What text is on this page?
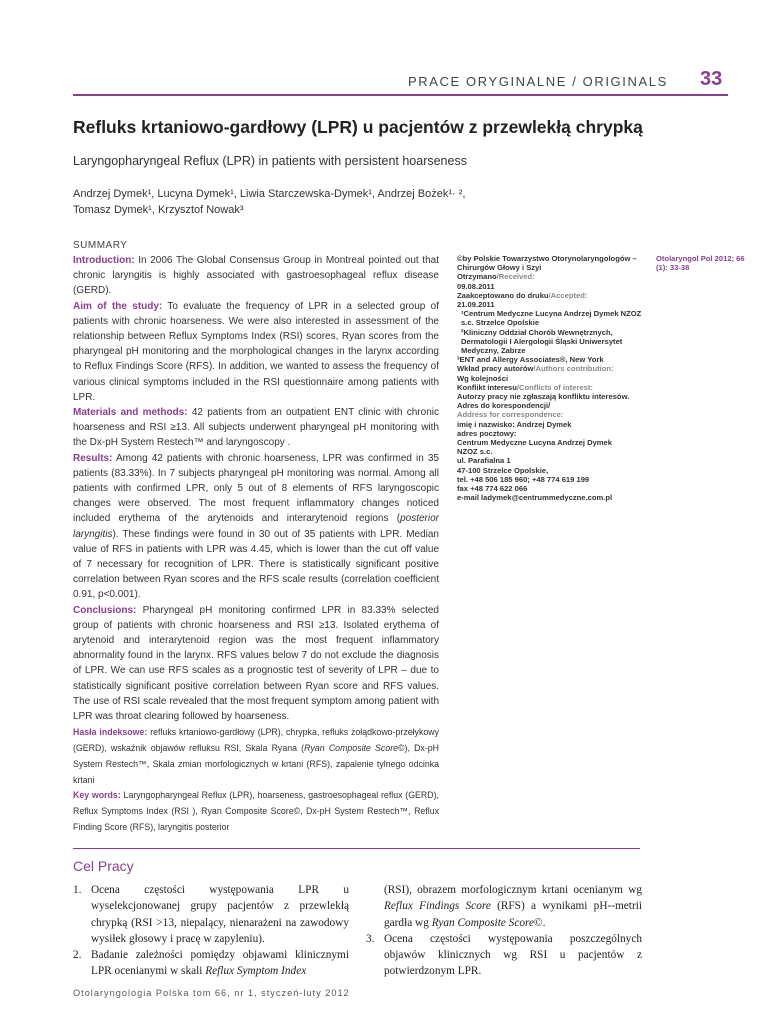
PRACE ORYGINALNE / ORIGINALS 33
Refluks krtaniowo-gardłowy (LPR) u pacjentów z przewlekłą chrypką
Laryngopharyngeal Reflux (LPR) in patients with persistent hoarseness
Andrzej Dymek¹, Lucyna Dymek¹, Liwia Starczewska-Dymek¹, Andrzej Bożek¹· ²,
Tomasz Dymek¹, Krzysztof Nowak³
SUMMARY

Introduction: In 2006 The Global Consensus Group in Montreal pointed out that chronic laryngitis is highly associated with gastroesophageal reflux disease (GERD).

Aim of the study: To evaluate the frequency of LPR in a selected group of patients with chronic hoarseness. We were also interested in assessment of the relationship between Reflux Symptoms Index (RSI) scores, Ryan scores from the pharyngeal pH monitoring and the morphological changes in the larynx according to Reflux Findings Score (RFS). In addition, we wanted to assess the frequency of various clinical symptoms included in the RSI questionnaire among patients with LPR.

Materials and methods: 42 patients from an outpatient ENT clinic with chronic hoarseness and RSI ≥13. All subjects underwent pharyngeal pH monitoring with the Dx-pH System Restech™ and laryngoscopy .

Results: Among 42 patients with chronic hoarseness, LPR was confirmed in 35 patients (83.33%). In 7 subjects pharyngeal pH monitoring was normal. Among all patients with confirmed LPR, only 5 out of 8 elements of RFS laryngoscopic changes were observed. The most frequent inflammatory changes noticed included erythema of the arytenoids and interarytenoid regions (posterior laryngitis). These findings were found in 30 out of 35 patients with LPR. Median value of RFS in patients with LPR was 4.45, which is lower than the cut off value of 7 necessary for recognition of LPR. There is statistically significant positive correlation between Ryan scores and the RFS scale results (correlation coefficient 0.91, p<0.001).

Conclusions: Pharyngeal pH monitoring confirmed LPR in 83.33% selected group of patients with chronic hoarseness and RSI ≥13. Isolated erythema of arytenoid and interarytenoid region was the most frequent inflammatory abnormality found in the larynx. RFS values below 7 do not exclude the diagnosis of LPR. We can use RFS scales as a prognostic test of severity of LPR – due to statistically significant positive correlation between Ryan score and RFS values. The use of RSI scale revealed that the most frequent symptom among patient with LPR was throat clearing followed by hoarseness.

Hasła indeksowe: refluks krtaniowo-gardłowy (LPR), chrypka, refluks żołądkowo-przełykowy (GERD), wskaźnik objawów refluksu RSI, Skala Ryana (Ryan Composite Score©), Dx-pH System Restech™, Skala zmian morfologicznych w krtani (RFS), zapalenie tylnego odcinka krtani

Key words: Laryngopharyngeal Reflux (LPR), hoarseness, gastroesophageal reflux (GERD), Reflux Symptoms Index (RSI ), Ryan Composite Score©, Dx-pH System Restech™, Reflux Finding Score (RFS), laryngitis posterior

©by Polskie Towarzystwo Otorynolaryngologów – Chirurgów Głowy i Szyi
Otrzymano/Received:
09.08.2011
Zaakceptowano do druku/Accepted:
21.09.2011
¹Centrum Medyczne Lucyna Andrzej Dymek NZOZ s.c. Strzelce Opolskie
²Kliniczny Oddział Chorób Wewnętrznych, Dermatologii I Alergologii Śląski Uniwersytet Medyczny, Zabrze
³ENT and Allergy Associates®, New York
Wkład pracy autorów/Authors contribution:
Wg kolejności
Konflikt interesu/Conflicts of interest:
Autorzy pracy nie zgłaszają konfliktu interesów.
Adres do korespondencji/
Address for correspondence:
imię i nazwisko: Andrzej Dymek
adres pocztowy:
Centrum Medyczne Lucyna Andrzej Dymek
NZOZ s.c.
ul. Parafialna 1
47-100 Strzelce Opolskie,
tel. +48 506 185 960; +48 774 619 199
fax +48 774 622 066
e-mail ladymek@centrummedyczne.com.pl
Otolaryngol Pol 2012; 66 (1): 33-38
Cel Pracy
1. Ocena częstości występowania LPR u wyselekcjonowanej grupy pacjentów z przewlekłą chrypką (RSI >13, niepalący, nienarażeni na zawodowy wysiłek głosowy i pracę w zapyleniu).
2. Badanie zależności pomiędzy objawami klinicznymi LPR ocenianymi w skali Reflux Symptom Index
(RSI), obrazem morfologicznym krtani ocenianym wg Reflux Findings Score (RFS) a wynikami pH--metrii gardła wg Ryan Composite Score©.
3. Ocena częstości występowania poszczególnych objawów klinicznych wg RSI u pacjentów z potwierdzonym LPR.
Otolaryngologia Polska tom 66, nr 1, styczeń-luty 2012
